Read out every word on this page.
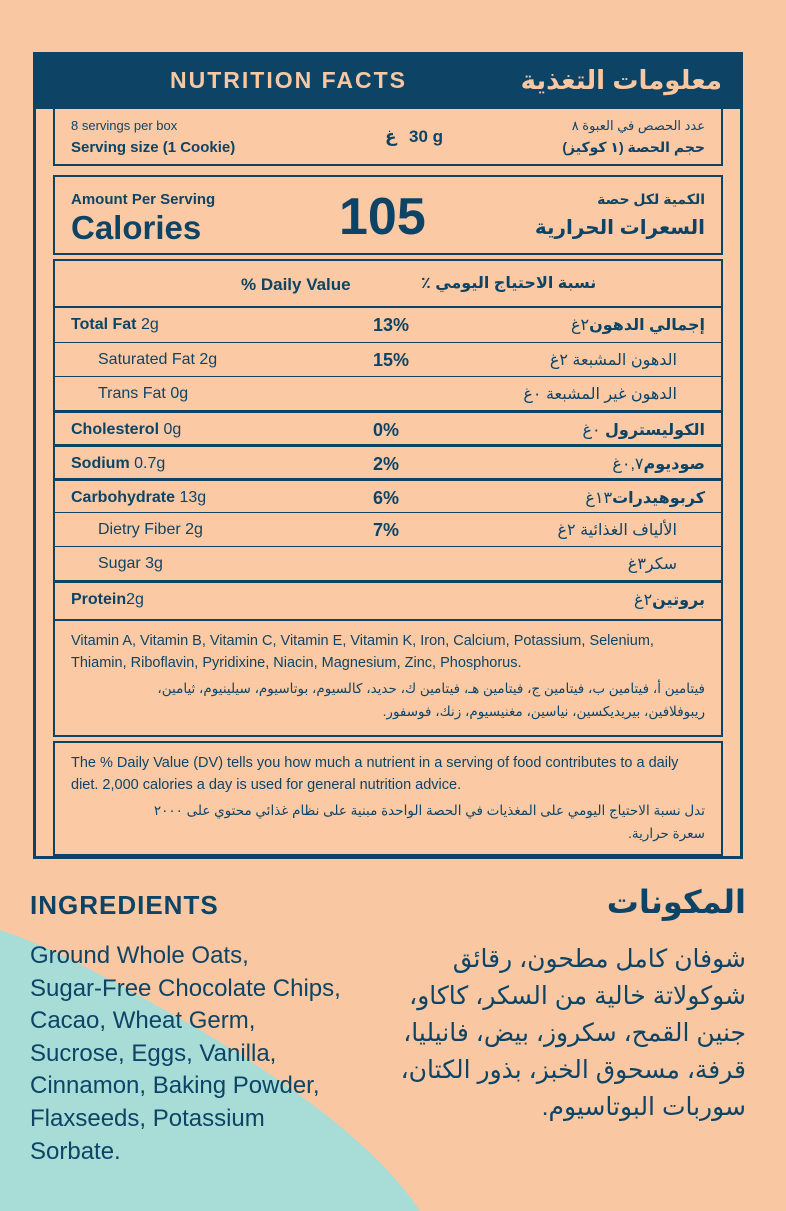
NUTRITION FACTS	معلومات التغذية
8 servings per box
Serving size (1 Cookie)
غ 30 g
عدد الحصص في العبوة ٨
حجم الحصة (١ كوكيز)
Amount Per Serving
Calories	105	الكمية لكل حصة
السعرات الحرارية
% Daily Value	نسبة الاحتياج اليومي ٪
Total Fat 2g	13%	إجمالي الدهون٢غ
Saturated Fat 2g	15%	الدهون المشبعة ٢غ
Trans Fat 0g	الدهون غير المشبعة ٠غ
Cholesterol 0g	0%	الكوليسترول ٠غ
Sodium 0.7g	2%	صوديوم٠,٧غ
Carbohydrate 13g	6%	كربوهيدرات١٣غ
Dietry Fiber 2g	7%	الألياف الغذائية ٢غ
Sugar 3g	سكر٣غ
Protein2g	بروتين٢غ
Vitamin A, Vitamin B, Vitamin C, Vitamin E, Vitamin K, Iron, Calcium, Potassium, Selenium,
Thiamin, Riboflavin, Pyridixine, Niacin, Magnesium, Zinc, Phosphorus.
فيتامين أ، فيتامين ب، فيتامين ج، فيتامين هـ، فيتامين ك، حديد، كالسيوم، بوتاسيوم، سيلينيوم، ثيامين،
ريبوفلافين، بيريديكسين، نياسين، مغنيسيوم، زنك، فوسفور.
The % Daily Value (DV) tells you how much a nutrient in a serving of food contributes to a daily
diet. 2,000 calories a day is used for general nutrition advice.
تدل نسبة الاحتياج اليومي على المغذيات في الحصة الواحدة مبنية على نظام غذائي محتوي على ٢٠٠٠
سعرة حرارية.
INGREDIENTS	المكونات
Ground Whole Oats,
Sugar-Free Chocolate Chips,
Cacao, Wheat Germ,
Sucrose, Eggs, Vanilla,
Cinnamon, Baking Powder,
Flaxseeds, Potassium
Sorbate.
شوفان كامل مطحون، رقائق
شوكولاتة خالية من السكر، كاكاو،
جنين القمح، سكروز، بيض، فانيليا،
قرفة، مسحوق الخبز، بذور الكتان،
سوربات البوتاسيوم.
